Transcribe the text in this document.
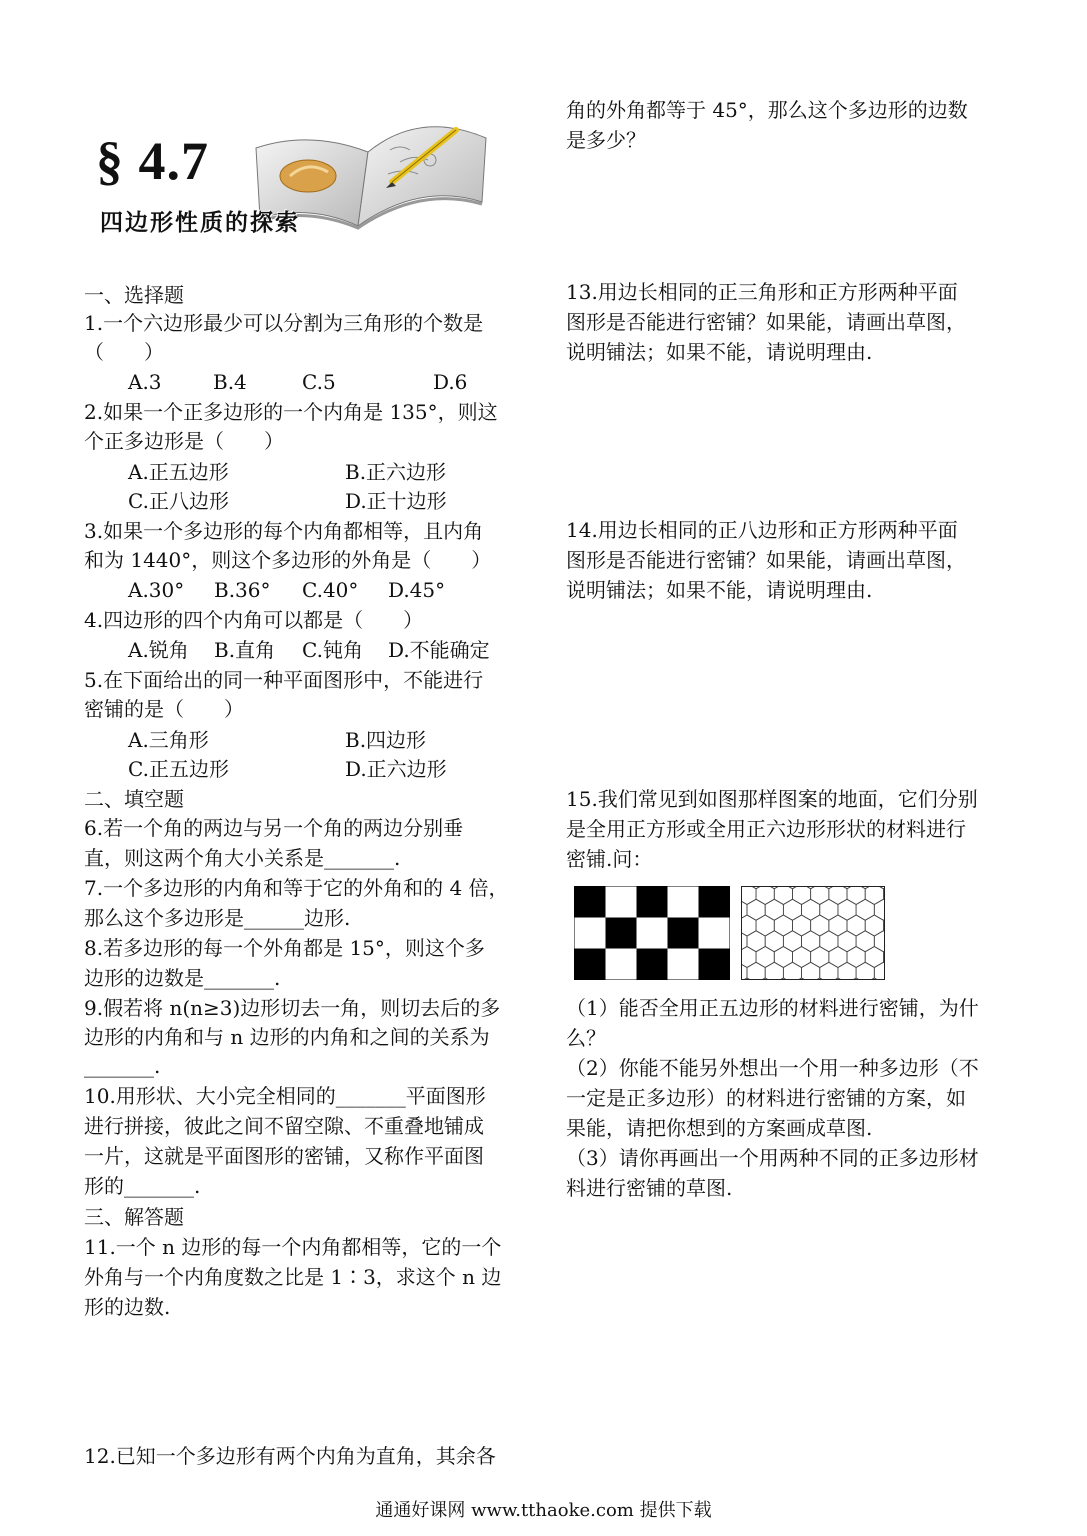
§ 4.7
四边形性质的探索
一、选择题
1.一个六边形最少可以分割为三角形的个数是
（　　）
A.3	B.4	C.5	D.6
2.如果一个正多边形的一个内角是 135°，则这
个正多边形是（　　）
A.正五边形	B.正六边形
C.正八边形	D.正十边形
3.如果一个多边形的每个内角都相等，且内角
和为 1440°，则这个多边形的外角是（　　）
A.30° B.36° C.40° D.45°
4.四边形的四个内角可以都是（　　）
A.锐角 B.直角 C.钝角 D.不能确定
5.在下面给出的同一种平面图形中，不能进行
密铺的是（　　）
A.三角形	B.四边形
C.正五边形	D.正六边形
二、填空题
6.若一个角的两边与另一个角的两边分别垂
直，则这两个角大小关系是_______.
7.一个多边形的内角和等于它的外角和的 4 倍，
那么这个多边形是______边形.
8.若多边形的每一个外角都是 15°，则这个多
边形的边数是_______.
9.假若将 n(n≥3)边形切去一角，则切去后的多
边形的内角和与 n 边形的内角和之间的关系为
_______.
10.用形状、大小完全相同的_______平面图形
进行拼接，彼此之间不留空隙、不重叠地铺成
一片，这就是平面图形的密铺，又称作平面图
形的_______.
三、解答题
11.一个 n 边形的每一个内角都相等，它的一个
外角与一个内角度数之比是 1∶3，求这个 n 边
形的边数.
12.已知一个多边形有两个内角为直角，其余各
角的外角都等于 45°，那么这个多边形的边数
是多少？
13.用边长相同的正三角形和正方形两种平面
图形是否能进行密铺？如果能，请画出草图，
说明铺法；如果不能，请说明理由.
14.用边长相同的正八边形和正方形两种平面
图形是否能进行密铺？如果能，请画出草图，
说明铺法；如果不能，请说明理由.
15.我们常见到如图那样图案的地面，它们分别
是全用正方形或全用正六边形形状的材料进行
密铺.问：
（1）能否全用正五边形的材料进行密铺，为什
么？
（2）你能不能另外想出一个用一种多边形（不
一定是正多边形）的材料进行密铺的方案，如
果能，请把你想到的方案画成草图.
（3）请你再画出一个用两种不同的正多边形材
料进行密铺的草图.
通通好课网 www.tthaoke.com 提供下载
